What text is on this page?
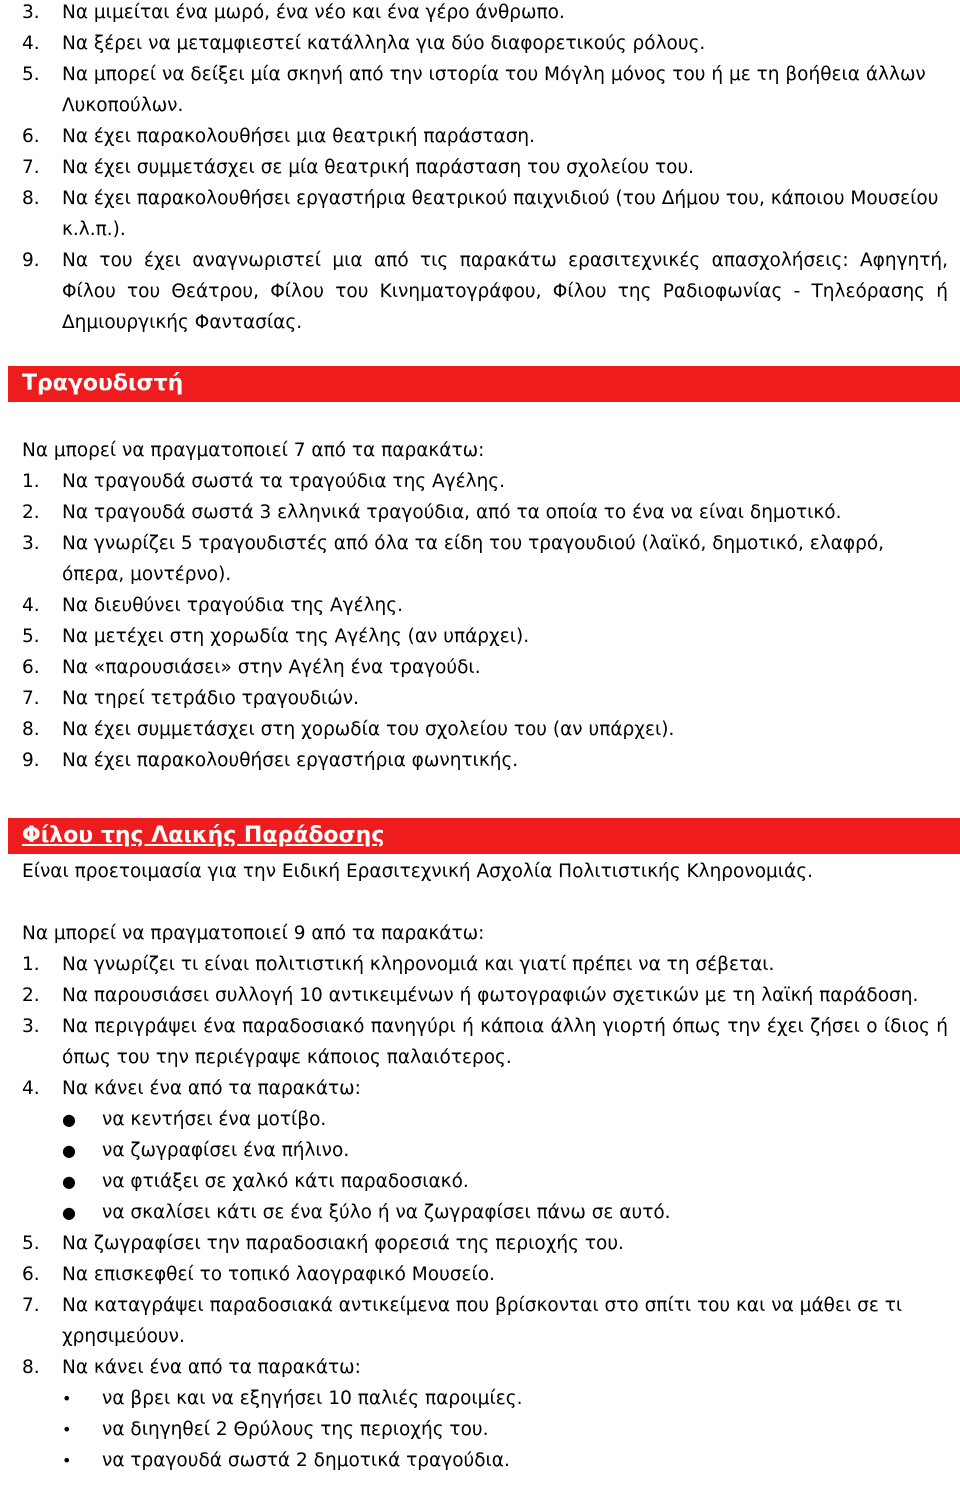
3. Να μιμείται ένα μωρό, ένα νέο και ένα γέρο άνθρωπο.
4. Να ξέρει να μεταμφιεστεί κατάλληλα για δύο διαφορετικούς ρόλους.
5. Να μπορεί να δείξει μία σκηνή από την ιστορία του Μόγλη μόνος του ή με τη βοήθεια άλλων Λυκοπούλων.
6. Να έχει παρακολουθήσει μια θεατρική παράσταση.
7. Να έχει συμμετάσχει σε μία θεατρική παράσταση του σχολείου του.
8. Να έχει παρακολουθήσει εργαστήρια θεατρικού παιχνιδιού (του Δήμου του, κάποιου Μουσείου κ.λ.π.).
9. Να του έχει αναγνωριστεί μια από τις παρακάτω ερασιτεχνικές απασχολήσεις: Αφηγητή, Φίλου του Θεάτρου, Φίλου του Κινηματογράφου, Φίλου της Ραδιοφωνίας - Τηλεόρασης ή Δημιουργικής Φαντασίας.
Τραγουδιστή
Να μπορεί να πραγματοποιεί 7 από τα παρακάτω:
1. Να τραγουδά σωστά τα τραγούδια της Αγέλης.
2. Να τραγουδά σωστά 3 ελληνικά τραγούδια, από τα οποία το ένα να είναι δημοτικό.
3. Να γνωρίζει 5 τραγουδιστές από όλα τα είδη του τραγουδιού (λαϊκό, δημοτικό, ελαφρό, όπερα, μοντέρνο).
4. Να διευθύνει τραγούδια της Αγέλης.
5. Να μετέχει στη χορωδία της Αγέλης (αν υπάρχει).
6. Να «παρουσιάσει» στην Αγέλη ένα τραγούδι.
7. Να τηρεί τετράδιο τραγουδιών.
8. Να έχει συμμετάσχει στη χορωδία του σχολείου του (αν υπάρχει).
9. Να έχει παρακολουθήσει εργαστήρια φωνητικής.
Φίλου της Λαικής Παράδοσης
Είναι προετοιμασία για την Ειδική Ερασιτεχνική Ασχολία Πολιτιστικής Κληρονομιάς.
Να μπορεί να πραγματοποιεί 9 από τα παρακάτω:
1. Να γνωρίζει τι είναι πολιτιστική κληρονομιά και γιατί πρέπει να τη σέβεται.
2. Να παρουσιάσει συλλογή 10 αντικειμένων ή φωτογραφιών σχετικών με τη λαϊκή παράδοση.
3. Να περιγράψει ένα παραδοσιακό πανηγύρι ή κάποια άλλη γιορτή όπως την έχει ζήσει ο ίδιος ή όπως του την περιέγραψε κάποιος παλαιότερος.
4. Να κάνει ένα από τα παρακάτω:
● να κεντήσει ένα μοτίβο.
● να ζωγραφίσει ένα πήλινο.
● να φτιάξει σε χαλκό κάτι παραδοσιακό.
● να σκαλίσει κάτι σε ένα ξύλο ή να ζωγραφίσει πάνω σε αυτό.
5. Να ζωγραφίσει την παραδοσιακή φορεσιά της περιοχής του.
6. Να επισκεφθεί το τοπικό λαογραφικό Μουσείο.
7. Να καταγράψει παραδοσιακά αντικείμενα που βρίσκονται στο σπίτι του και να μάθει σε τι χρησιμεύουν.
8. Να κάνει ένα από τα παρακάτω:
• να βρει και να εξηγήσει 10 παλιές παροιμίες.
• να διηγηθεί 2 Θρύλους της περιοχής του.
• να τραγουδά σωστά 2 δημοτικά τραγούδια.
